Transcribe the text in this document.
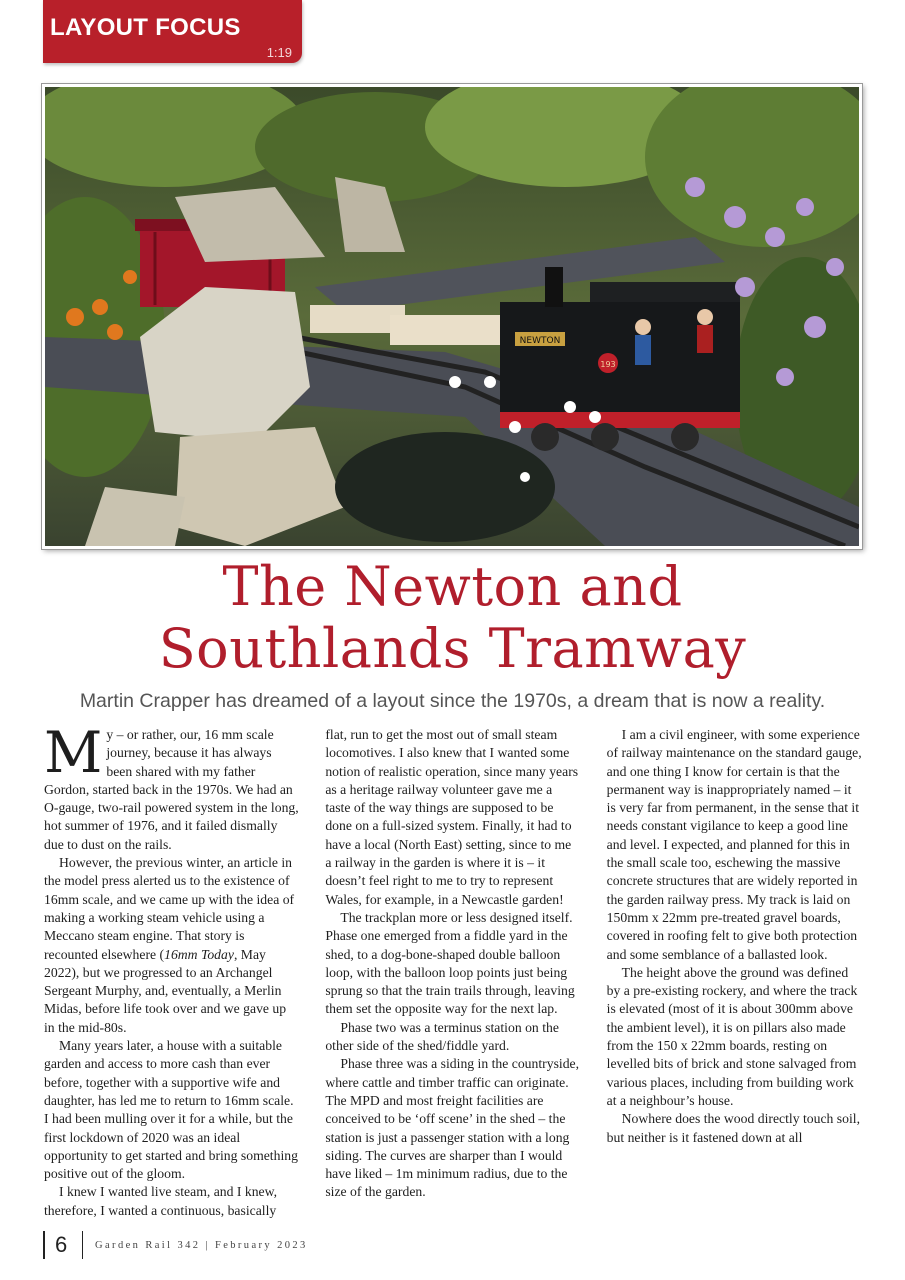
LAYOUT FOCUS
1:19
NEWTON
193
The Newton and
Southlands Tramway
Martin Crapper has dreamed of a layout since the 1970s, a dream that is now a reality.

My – or rather, our, 16 mm scale journey, because it has always been shared with my father Gordon, started back in the 1970s. We had an O-gauge, two-rail powered system in the long, hot summer of 1976, and it failed dismally due to dust on the rails.

However, the previous winter, an article in the model press alerted us to the existence of 16mm scale, and we came up with the idea of making a working steam vehicle using a Meccano steam engine. That story is recounted elsewhere (16mm Today, May 2022), but we progressed to an Archangel Sergeant Murphy, and, eventually, a Merlin Midas, before life took over and we gave up in the mid-80s.

Many years later, a house with a suitable garden and access to more cash than ever before, together with a supportive wife and daughter, has led me to return to 16mm scale. I had been mulling over it for a while, but the first lockdown of 2020 was an ideal opportunity to get started and bring something positive out of the gloom.

I knew I wanted live steam, and I knew, therefore, I wanted a continuous, basically flat, run to get the most out of small steam locomotives. I also knew that I wanted some notion of realistic operation, since many years as a heritage railway volunteer gave me a taste of the way things are supposed to be done on a full-sized system. Finally, it had to have a local (North East) setting, since to me a railway in the garden is where it is – it doesn’t feel right to me to try to represent Wales, for example, in a Newcastle garden!

The trackplan more or less designed itself. Phase one emerged from a fiddle yard in the shed, to a dog-bone-shaped double balloon loop, with the balloon loop points just being sprung so that the train trails through, leaving them set the opposite way for the next lap.

Phase two was a terminus station on the other side of the shed/fiddle yard.

Phase three was a siding in the countryside, where cattle and timber traffic can originate. The MPD and most freight facilities are conceived to be ‘off scene’ in the shed – the station is just a passenger station with a long siding. The curves are sharper than I would have liked – 1m minimum radius, due to the size of the garden.

I am a civil engineer, with some experience of railway maintenance on the standard gauge, and one thing I know for certain is that the permanent way is inappropriately named – it is very far from permanent, in the sense that it needs constant vigilance to keep a good line and level. I expected, and planned for this in the small scale too, eschewing the massive concrete structures that are widely reported in the garden railway press. My track is laid on 150mm x 22mm pre-treated gravel boards, covered in roofing felt to give both protection and some semblance of a ballasted look.

The height above the ground was defined by a pre-existing rockery, and where the track is elevated (most of it is about 300mm above the ambient level), it is on pillars also made from the 150 x 22mm boards, resting on levelled bits of brick and stone salvaged from various places, including from building work at a neighbour’s house.

Nowhere does the wood directly touch soil, but neither is it fastened down at all

6	Garden Rail 342 | February 2023
